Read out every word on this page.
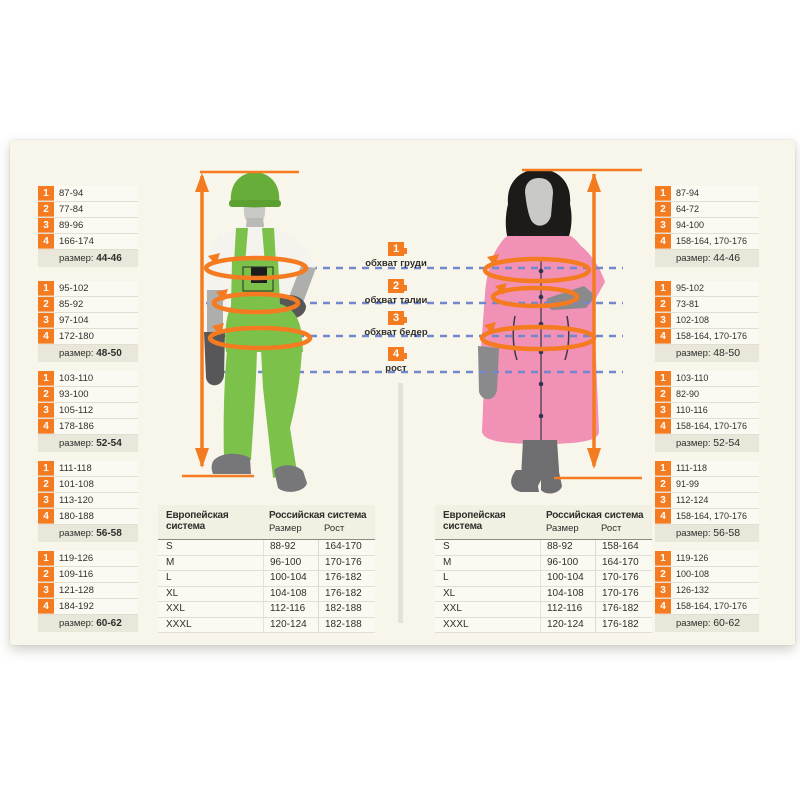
1	87-94
2	77-84
3	89-96
4	166-174
размер: 44-46
1	95-102
2	85-92
3	97-104
4	172-180
размер: 48-50
1	103-110
2	93-100
3	105-112
4	178-186
размер: 52-54
1	111-118
2	101-108
3	113-120
4	180-188
размер: 56-58
1	119-126
2	109-116
3	121-128
4	184-192
размер: 60-62
1	87-94
2	64-72
3	94-100
4	158-164, 170-176
размер: 44-46
1	95-102
2	73-81
3	102-108
4	158-164, 170-176
размер: 48-50
1	103-110
2	82-90
3	110-116
4	158-164, 170-176
размер: 52-54
1	111-118
2	91-99
3	112-124
4	158-164, 170-176
размер: 56-58
1	119-126
2	100-108
3	126-132
4	158-164, 170-176
размер: 60-62
1
обхват груди
2
обхват талии
3
обхват бедер
4
рост
Европейская система
Российская система
Размер	Рост
S	88-92	164-170
M	96-100	170-176
L	100-104	176-182
XL	104-108	176-182
XXL	112-116	182-188
XXXL	120-124	182-188
Европейская система
Российская система
Размер	Рост
S	88-92	158-164
M	96-100	164-170
L	100-104	170-176
XL	104-108	170-176
XXL	112-116	176-182
XXXL	120-124	176-182
